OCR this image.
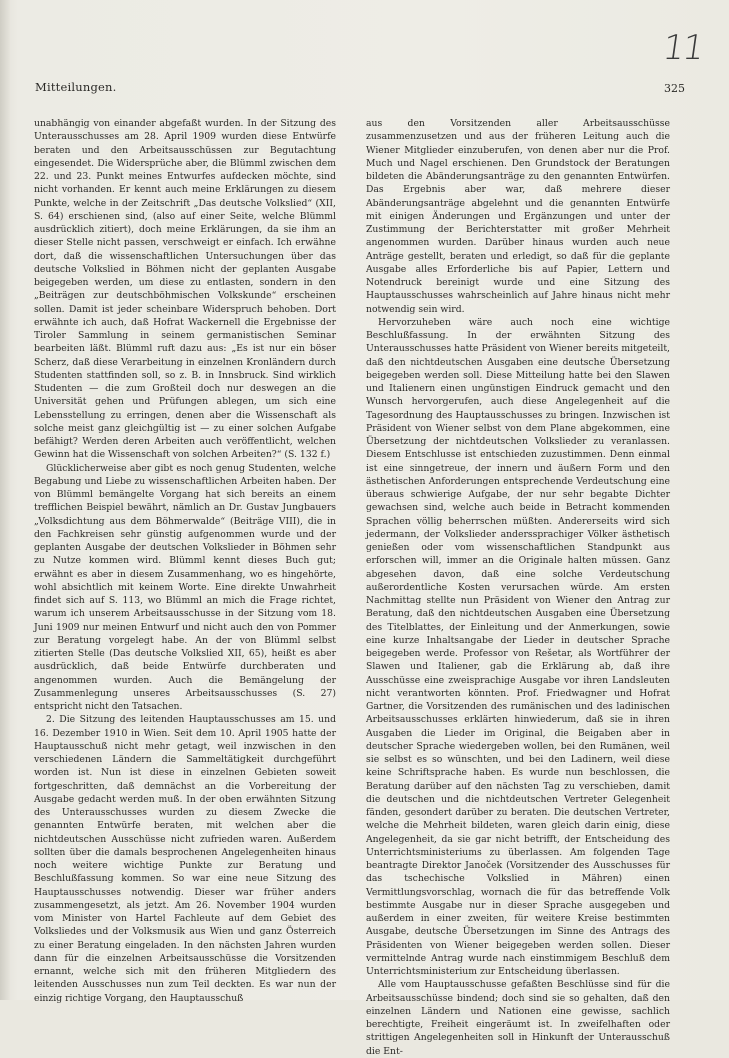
11
Mitteilungen.	325

unabhängig von einander abgefaßt wurden. In der Sitzung des Unterausschusses am 28. April 1909 wurden diese Entwürfe beraten und den Arbeitsausschüssen zur Begutachtung eingesendet. Die Widersprüche aber, die Blümml zwischen dem 22. und 23. Punkt meines Entwurfes aufdecken möchte, sind nicht vorhanden. Er kennt auch meine Erklärungen zu diesem Punkte, welche in der Zeitschrift „Das deutsche Volkslied“ (XII, S. 64) erschienen sind, (also auf einer Seite, welche Blümml ausdrücklich zitiert), doch meine Erklärungen, da sie ihm an dieser Stelle nicht passen, verschweigt er einfach. Ich erwähne dort, daß die wissenschaftlichen Untersuchungen über das deutsche Volkslied in Böhmen nicht der geplanten Ausgabe beigegeben werden, um diese zu entlasten, sondern in den „Beiträgen zur deutschböhmischen Volkskunde“ erscheinen sollen. Damit ist jeder scheinbare Widerspruch behoben. Dort erwähnte ich auch, daß Hofrat Wackernell die Ergebnisse der Tiroler Sammlung in seinem germanistischen Seminar bearbeiten läßt. Blümml ruft dazu aus: „Es ist nur ein böser Scherz, daß diese Verarbeitung in einzelnen Kronländern durch Studenten stattfinden soll, so z. B. in Innsbruck. Sind wirklich Studenten — die zum Großteil doch nur deswegen an die Universität gehen und Prüfungen ablegen, um sich eine Lebensstellung zu erringen, denen aber die Wissenschaft als solche meist ganz gleichgültig ist — zu einer solchen Aufgabe befähigt? Werden deren Arbeiten auch veröffentlicht, welchen Gewinn hat die Wissenschaft von solchen Arbeiten?“ (S. 132 f.)

Glücklicherweise aber gibt es noch genug Studenten, welche Begabung und Liebe zu wissenschaftlichen Arbeiten haben. Der von Blümml bemängelte Vorgang hat sich bereits an einem trefflichen Beispiel bewährt, nämlich an Dr. Gustav Jungbauers „Volksdichtung aus dem Böhmerwalde“ (Beiträge VIII), die in den Fachkreisen sehr günstig aufgenommen wurde und der geplanten Ausgabe der deutschen Volkslieder in Böhmen sehr zu Nutze kommen wird. Blümml kennt dieses Buch gut; erwähnt es aber in diesem Zusammenhang, wo es hingehörte, wohl absichtlich mit keinem Worte. Eine direkte Unwahrheit findet sich auf S. 113, wo Blümml an mich die Frage richtet, warum ich unserem Arbeitsausschusse in der Sitzung vom 18. Juni 1909 nur meinen Entwurf und nicht auch den von Pommer zur Beratung vorgelegt habe. An der von Blümml selbst zitierten Stelle (Das deutsche Volkslied XII, 65), heißt es aber ausdrücklich, daß beide Entwürfe durchberaten und angenommen wurden. Auch die Bemängelung der Zusammenlegung unseres Arbeitsausschusses (S. 27) entspricht nicht den Tatsachen.

2. Die Sitzung des leitenden Hauptausschusses am 15. und 16. Dezember 1910 in Wien. Seit dem 10. April 1905 hatte der Hauptausschuß nicht mehr getagt, weil inzwischen in den verschiedenen Ländern die Sammeltätigkeit durchgeführt worden ist. Nun ist diese in einzelnen Gebieten soweit fortgeschritten, daß demnächst an die Vorbereitung der Ausgabe gedacht werden muß. In der oben erwähnten Sitzung des Unterausschusses wurden zu diesem Zwecke die genannten Entwürfe beraten, mit welchen aber die nichtdeutschen Ausschüsse nicht zufrieden waren. Außerdem sollten über die damals besprochenen Angelegenheiten hinaus noch weitere wichtige Punkte zur Beratung und Beschlußfassung kommen. So war eine neue Sitzung des Hauptausschusses notwendig. Dieser war früher anders zusammengesetzt, als jetzt. Am 26. November 1904 wurden vom Minister von Hartel Fachleute auf dem Gebiet des Volksliedes und der Volksmusik aus Wien und ganz Österreich zu einer Beratung eingeladen. In den nächsten Jahren wurden dann für die einzelnen Arbeitsausschüsse die Vorsitzenden ernannt, welche sich mit den früheren Mitgliedern des leitenden Ausschusses nun zum Teil deckten. Es war nun der einzig richtige Vorgang, den Hauptausschuß

aus den Vorsitzenden aller Arbeitsausschüsse zusammenzusetzen und aus der früheren Leitung auch die Wiener Mitglieder einzuberufen, von denen aber nur die Prof. Much und Nagel erschienen. Den Grundstock der Beratungen bildeten die Abänderungsanträge zu den genannten Entwürfen. Das Ergebnis aber war, daß mehrere dieser Abänderungsanträge abgelehnt und die genannten Entwürfe mit einigen Änderungen und Ergänzungen und unter der Zustimmung der Berichterstatter mit großer Mehrheit angenommen wurden. Darüber hinaus wurden auch neue Anträge gestellt, beraten und erledigt, so daß für die geplante Ausgabe alles Erforderliche bis auf Papier, Lettern und Notendruck bereinigt wurde und eine Sitzung des Hauptausschusses wahrscheinlich auf Jahre hinaus nicht mehr notwendig sein wird.

Hervorzuheben wäre auch noch eine wichtige Beschlußfassung. In der erwähnten Sitzung des Unterausschusses hatte Präsident von Wiener bereits mitgeteilt, daß den nichtdeutschen Ausgaben eine deutsche Übersetzung beigegeben werden soll. Diese Mitteilung hatte bei den Slawen und Italienern einen ungünstigen Eindruck gemacht und den Wunsch hervorgerufen, auch diese Angelegenheit auf die Tagesordnung des Hauptausschusses zu bringen. Inzwischen ist Präsident von Wiener selbst von dem Plane abgekommen, eine Übersetzung der nichtdeutschen Volkslieder zu veranlassen. Diesem Entschlusse ist entschieden zuzustimmen. Denn einmal ist eine sinngetreue, der innern und äußern Form und den ästhetischen Anforderungen entsprechende Verdeutschung eine überaus schwierige Aufgabe, der nur sehr begabte Dichter gewachsen sind, welche auch beide in Betracht kommenden Sprachen völlig beherrschen müßten. Andererseits wird sich jedermann, der Volkslieder anderssprachiger Völker ästhetisch genießen oder vom wissenschaftlichen Standpunkt aus erforschen will, immer an die Originale halten müssen. Ganz abgesehen davon, daß eine solche Verdeutschung außerordentliche Kosten verursachen würde. Am ersten Nachmittag stellte nun Präsident von Wiener den Antrag zur Beratung, daß den nichtdeutschen Ausgaben eine Übersetzung des Titelblattes, der Einleitung und der Anmerkungen, sowie eine kurze Inhaltsangabe der Lieder in deutscher Sprache beigegeben werde. Professor von Rešetar, als Wortführer der Slawen und Italiener, gab die Erklärung ab, daß ihre Ausschüsse eine zweisprachige Ausgabe vor ihren Landsleuten nicht verantworten könnten. Prof. Friedwagner und Hofrat Gartner, die Vorsitzenden des rumänischen und des ladinischen Arbeitsausschusses erklärten hinwiederum, daß sie in ihren Ausgaben die Lieder im Original, die Beigaben aber in deutscher Sprache wiedergeben wollen, bei den Rumänen, weil sie selbst es so wünschten, und bei den Ladinern, weil diese keine Schriftsprache haben. Es wurde nun beschlossen, die Beratung darüber auf den nächsten Tag zu verschieben, damit die deutschen und die nichtdeutschen Vertreter Gelegenheit fänden, gesondert darüber zu beraten. Die deutschen Vertreter, welche die Mehrheit bildeten, waren gleich darin einig, diese Angelegenheit, da sie gar nicht betrifft, der Entscheidung des Unterrichtsministeriums zu überlassen. Am folgenden Tage beantragte Direktor Janoček (Vorsitzender des Ausschusses für das tschechische Volkslied in Mähren) einen Vermittlungsvorschlag, wornach die für das betreffende Volk bestimmte Ausgabe nur in dieser Sprache ausgegeben und außerdem in einer zweiten, für weitere Kreise bestimmten Ausgabe, deutsche Übersetzungen im Sinne des Antrags des Präsidenten von Wiener beigegeben werden sollen. Dieser vermittelnde Antrag wurde nach einstimmigem Beschluß dem Unterrichtsministerium zur Entscheidung überlassen.

Alle vom Hauptausschusse gefaßten Beschlüsse sind für die Arbeitsausschüsse bindend; doch sind sie so gehalten, daß den einzelnen Ländern und Nationen eine gewisse, sachlich berechtigte, Freiheit eingeräumt ist. In zweifelhaften oder strittigen Angelegenheiten soll in Hinkunft der Unterausschuß die Ent-
